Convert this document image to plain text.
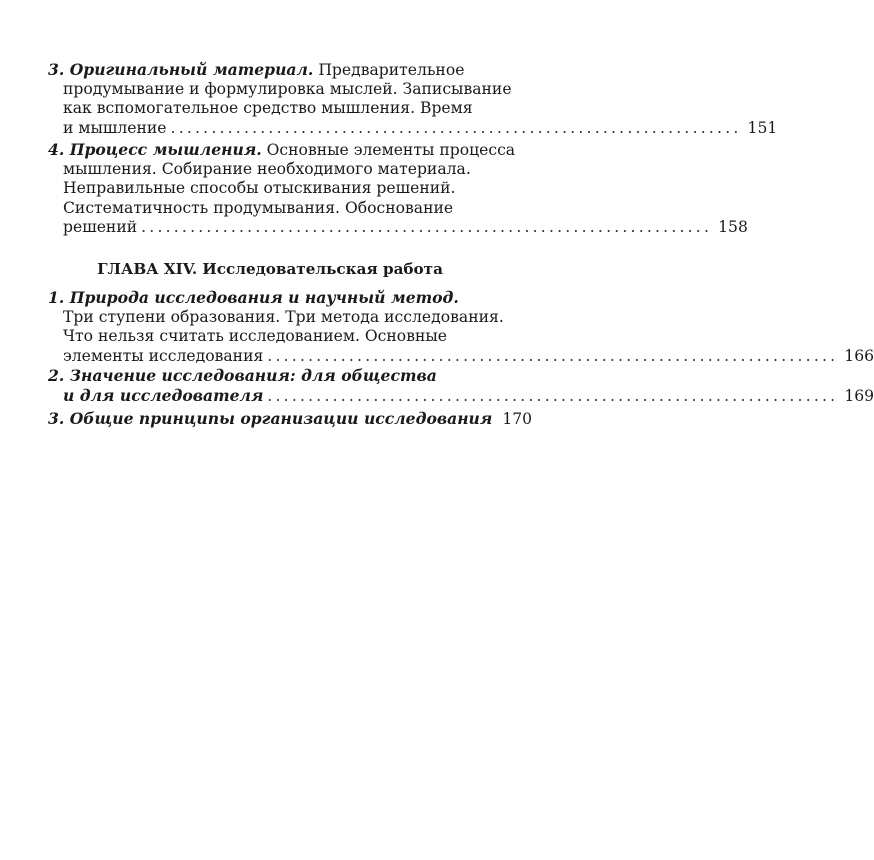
3. Оригинальный материал. Предварительное
продумывание и формулировка мыслей. Записывание
как вспомогательное средство мышления. Время
и мышление ...................................................................... 151
4. Процесс мышления. Основные элементы процесса
мышления. Собирание необходимого материала.
Неправильные способы отыскивания решений.
Систематичность продумывания. Обоснование
решений ...................................................................... 158
ГЛАВА XIV. Исследовательская работа
1. Природа исследования и научный метод.
Три ступени образования. Три метода исследования.
Что нельзя считать исследованием. Основные
элементы исследования ...................................................................... 166
2. Значение исследования: для общества
и для исследователя ...................................................................... 169
3. Общие принципы организации исследования 170
